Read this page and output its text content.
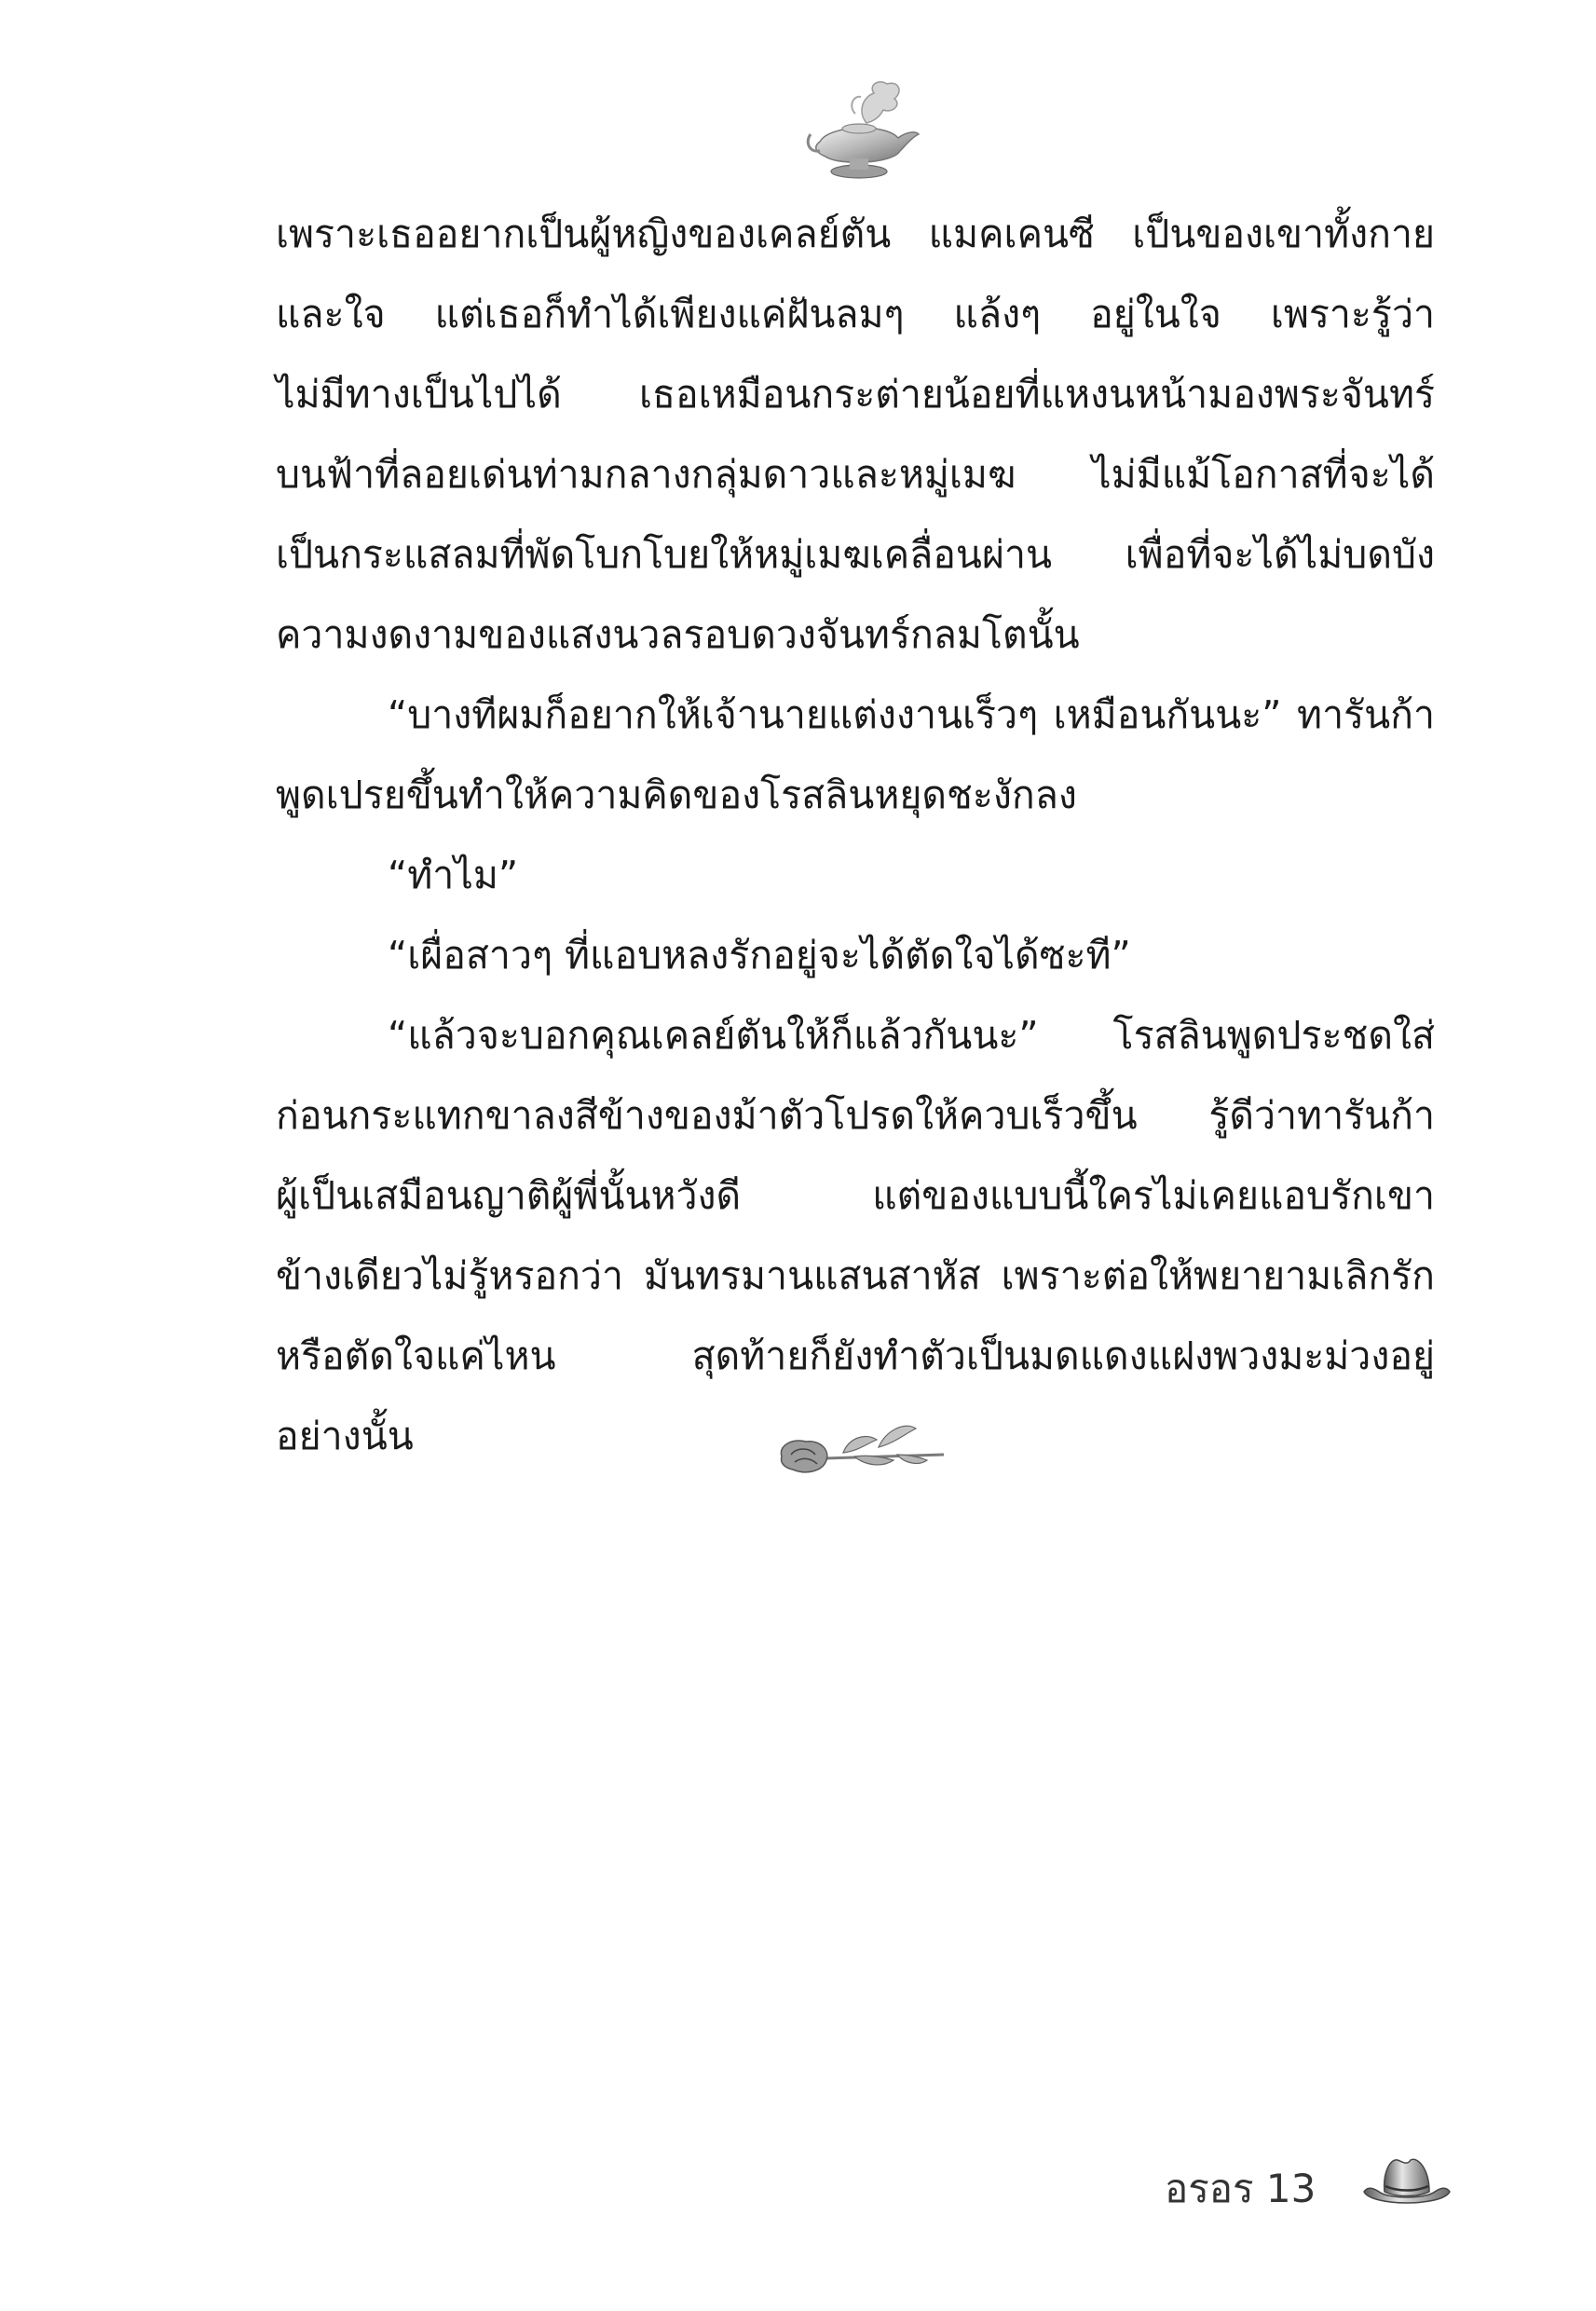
เพราะเธออยากเป็นผู้หญิงของเคลย์ตัน แมคเคนซี เป็นของเขาทั้งกาย
และใจ แต่เธอก็ทำได้เพียงแค่ฝันลมๆ แล้งๆ อยู่ในใจ เพราะรู้ว่า
ไม่มีทางเป็นไปได้ เธอเหมือนกระต่ายน้อยที่แหงนหน้ามองพระจันทร์
บนฟ้าที่ลอยเด่นท่ามกลางกลุ่มดาวและหมู่เมฆ ไม่มีแม้โอกาสที่จะได้
เป็นกระแสลมที่พัดโบกโบยให้หมู่เมฆเคลื่อนผ่าน เพื่อที่จะได้ไม่บดบัง
ความงดงามของแสงนวลรอบดวงจันทร์กลมโตนั้น
“บางทีผมก็อยากให้เจ้านายแต่งงานเร็วๆ เหมือนกันนะ” ทารันก้า
พูดเปรยขึ้นทำให้ความคิดของโรสลินหยุดชะงักลง
“ทำไม”
“เผื่อสาวๆ ที่แอบหลงรักอยู่จะได้ตัดใจได้ซะที”
“แล้วจะบอกคุณเคลย์ตันให้ก็แล้วกันนะ” โรสลินพูดประชดใส่
ก่อนกระแทกขาลงสีข้างของม้าตัวโปรดให้ควบเร็วขึ้น รู้ดีว่าทารันก้า
ผู้เป็นเสมือนญาติผู้พี่นั้นหวังดี แต่ของแบบนี้ใครไม่เคยแอบรักเขา
ข้างเดียวไม่รู้หรอกว่า มันทรมานแสนสาหัส เพราะต่อให้พยายามเลิกรัก
หรือตัดใจแค่ไหน สุดท้ายก็ยังทำตัวเป็นมดแดงแฝงพวงมะม่วงอยู่
อย่างนั้น
อรอร 13
